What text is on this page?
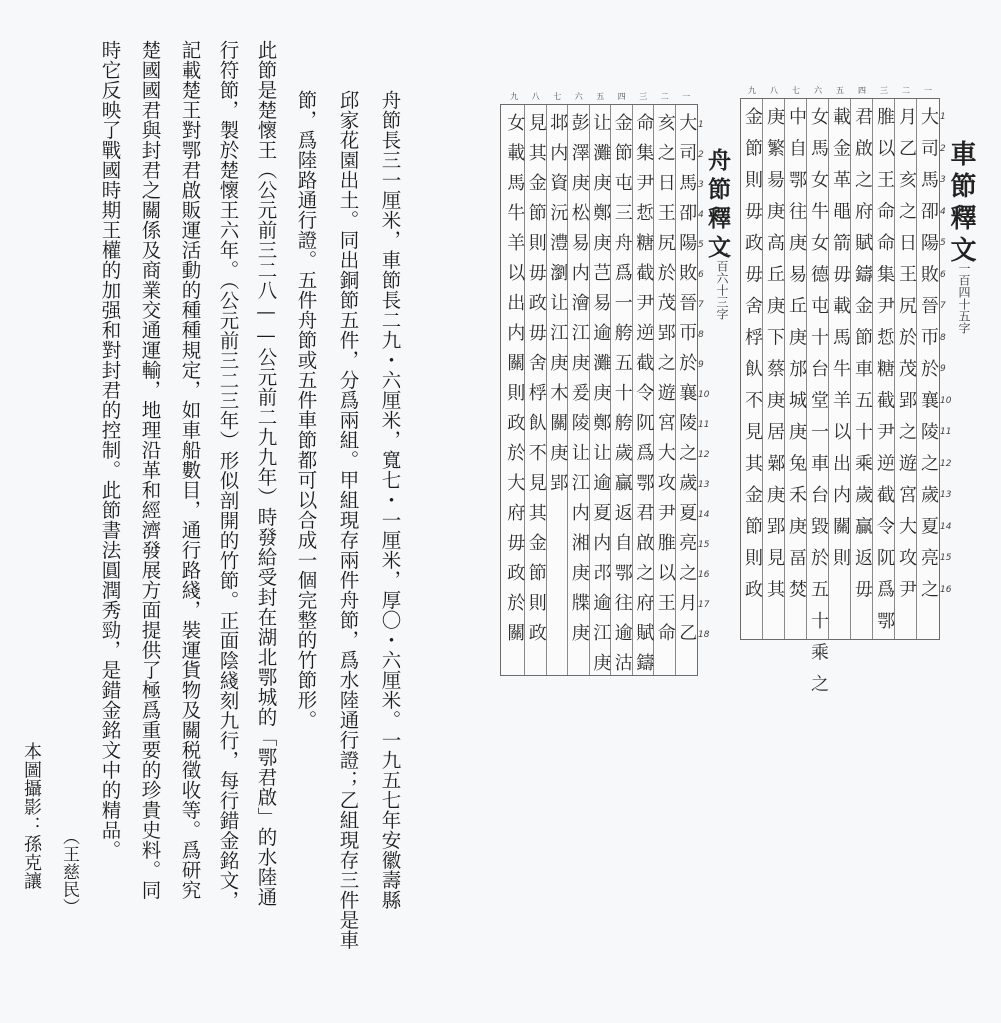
舟節長三一厘米，車節長二九・六厘米，寬七・一厘米，厚〇・六厘米。一九五七年安徽壽縣
邱家花園出土。同出銅節五件，分爲兩組。甲組現存兩件舟節，爲水陸通行證；乙組現存三件是車
節，爲陸路通行證。五件舟節或五件車節都可以合成一個完整的竹節形。
此節是楚懷王（公元前三二八——公元前二九九年）時發給受封在湖北鄂城的「鄂君啟」的水陸通
行符節，製於楚懷王六年。（公元前三二三年）形似剖開的竹節。正面陰綫刻九行，每行錯金銘文，
記載楚王對鄂君啟販運活動的種種規定，如車船數目，通行路綫，裝運貨物及關税徵收等。爲研究
楚國國君與封君之關係及商業交通運輸，地理沿革和經濟發展方面提供了極爲重要的珍貴史料。同
時它反映了戰國時期王權的加强和對封君的控制。此節書法圓潤秀勁，是錯金銘文中的精品。
（王慈民）
本圖攝影：孫克讓
一
大司馬卲陽敗晉帀於襄陵之歲夏亮之
二
月乙亥之日王尻於茂郢之遊宮大攻尹
三
脽以王命命集尹悊糖截尹逆截令阢爲鄂
四
君啟之府賦鑄金節車五十乘歲贏返毋
五
載金革黽箭毋載馬牛羊以出内關則
六
女馬女牛女德屯十台堂一車台毀於五十乘之
七
中自鄂往庚易丘庚邡城庚兔禾庚畐焚
八
庚繁昜庚高丘庚下蔡庚居鄵庚郢見其
九
金節則毋政毋舍桴飤不見其金節則政	車節釋文
一百四十五字
1
2
3
4
5
6
7
8
9
10
11
12
13
14
15
16
一
大司馬卲陽敗晉帀於襄陵之歲夏亮之月乙
二
亥之日王尻於茂郢之遊宮大攻尹脽以王命
三
命集尹悊糖截尹逆截令阢爲鄂君啟之府賦鑄
四
金節屯三舟爲一舿五十舿歲贏返自鄂往逾沽
五
让灘庚鄭庚芑易逾灘庚鄭让逾夏内邔逾江庚
六
彭澤庚松易内澮江庚爰陵让江内湘庚牒庚
七
邶内資沅澧瀏让江庚木關庚郢
八
見其金節則毋政毋舍桴飤不見其金節則政
九
女載馬牛羊以出内關則政於大府毋政於關	舟節釋文
一百六十三字
1
2
3
4
5
6
7
8
9
10
11
12
13
14
15
16
17
18
